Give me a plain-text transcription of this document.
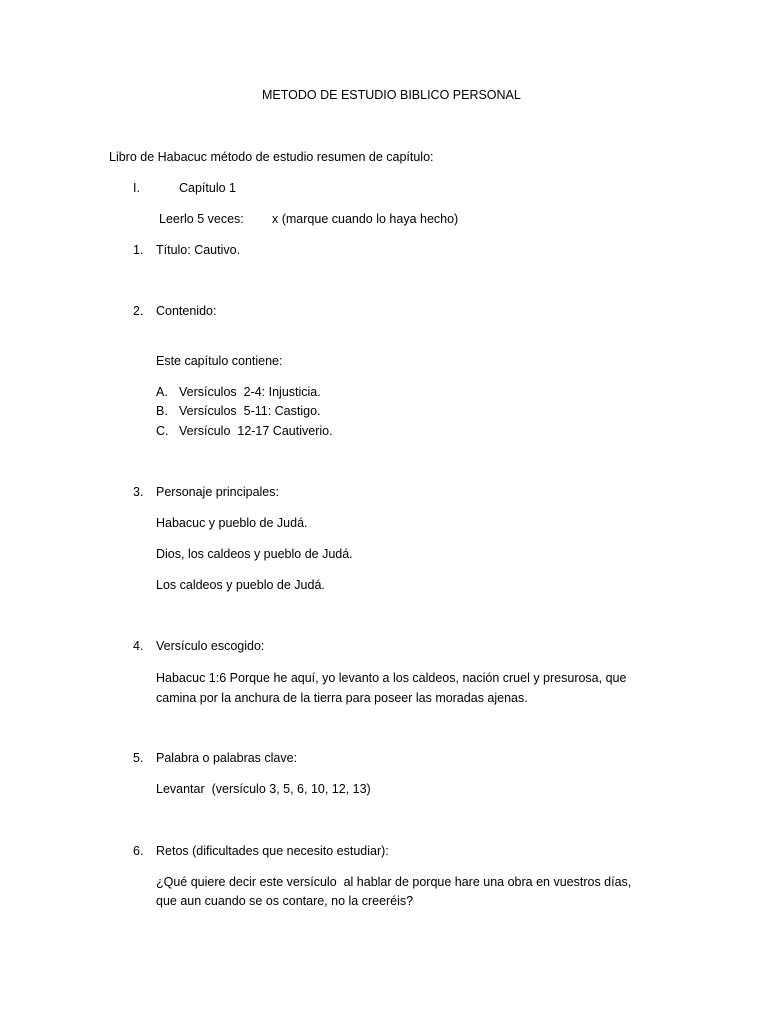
METODO DE ESTUDIO BIBLICO PERSONAL
Libro de Habacuc método de estudio resumen de capítulo:
I.	Capítulo 1
Leerlo 5 veces: x (marque cuando lo haya hecho)
1. Título: Cautivo.
2. Contenido:
Este capítulo contiene:
A. Versículos  2-4: Injusticia.
B. Versículos  5-11: Castigo.
C. Versículo  12-17 Cautiverio.
3. Personaje principales:
Habacuc y pueblo de Judá.
Dios, los caldeos y pueblo de Judá.
Los caldeos y pueblo de Judá.
4. Versículo escogido:
Habacuc 1:6 Porque he aquí, yo levanto a los caldeos, nación cruel y presurosa, que
camina por la anchura de la tierra para poseer las moradas ajenas.
5. Palabra o palabras clave:
Levantar  (versículo 3, 5, 6, 10, 12, 13)
6. Retos (dificultades que necesito estudiar):
¿Qué quiere decir este versículo  al hablar de porque hare una obra en vuestros días,
que aun cuando se os contare, no la creeréis?
